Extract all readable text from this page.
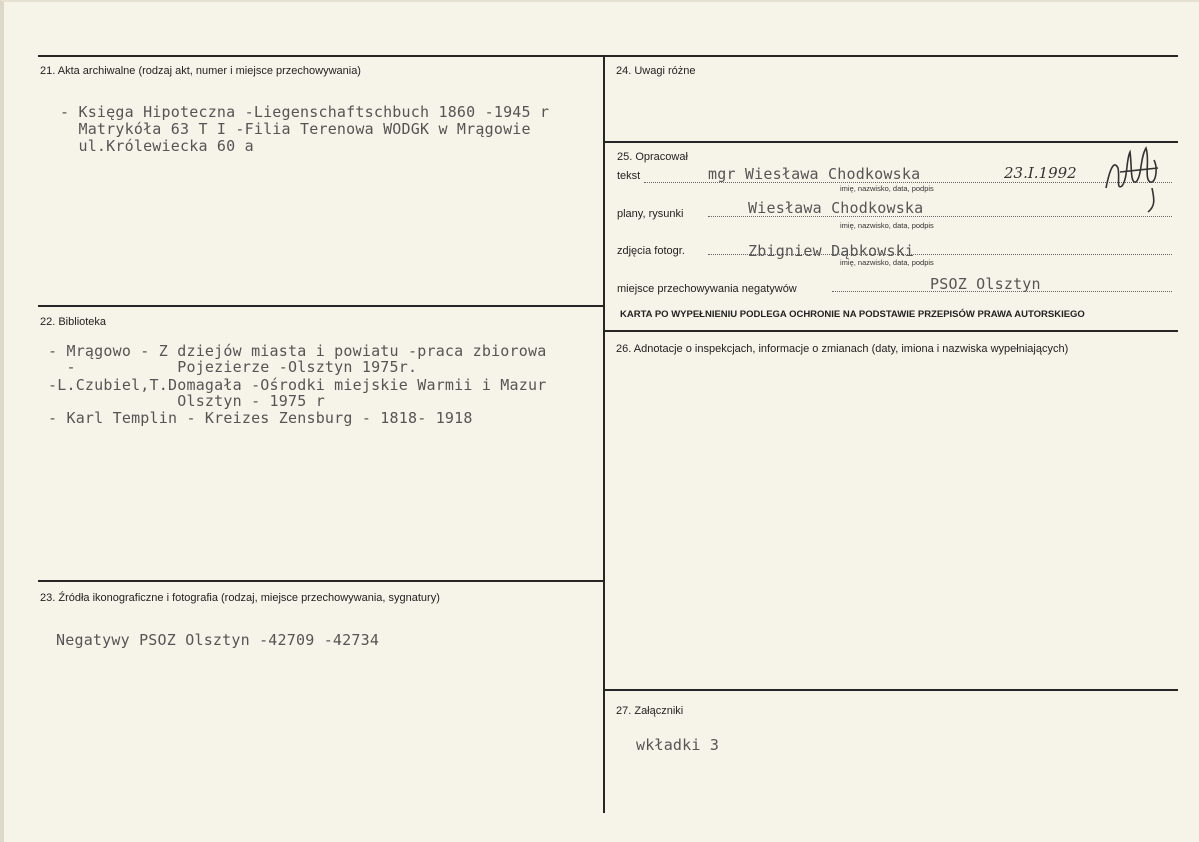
21. Akta archiwalne (rodzaj akt, numer i miejsce przechowywania)
- Księga Hipoteczna -Liegenschaftschbuch 1860 -1945 r
Matrykóła 63 T I -Filia Terenowa WODGK w Mrągowie
ul.Królewiecka 60 a
22. Biblioteka
- Mrągowo - Z dziejów miasta i powiatu -praca zbiorowa
-           Pojezierze -Olsztyn 1975r.
-L.Czubiel,T.Domagała -Ośrodki miejskie Warmii i Mazur
Olsztyn - 1975 r
- Karl Templin - Kreizes Zensburg - 1818- 1918
23. Źródła ikonograficzne i fotografia (rodzaj, miejsce przechowywania, sygnatury)
Negatywy PSOZ Olsztyn -42709 -42734
24. Uwagi różne
25. Opracował
tekst	mgr Wiesława Chodkowska	23.I.1992
imię, nazwisko, data, podpis
plany, rysunki	Wiesława Chodkowska
imię, nazwisko, data, podpis
zdjęcia fotogr.	Zbigniew Dąbkowski
imię, nazwisko, data, podpis
miejsce przechowywania negatywów	PSOZ Olsztyn
KARTA PO WYPEŁNIENIU PODLEGA OCHRONIE NA PODSTAWIE PRZEPISÓW PRAWA AUTORSKIEGO
26. Adnotacje o inspekcjach, informacje o zmianach (daty, imiona i nazwiska wypełniających)
27. Załączniki
wkładki 3
